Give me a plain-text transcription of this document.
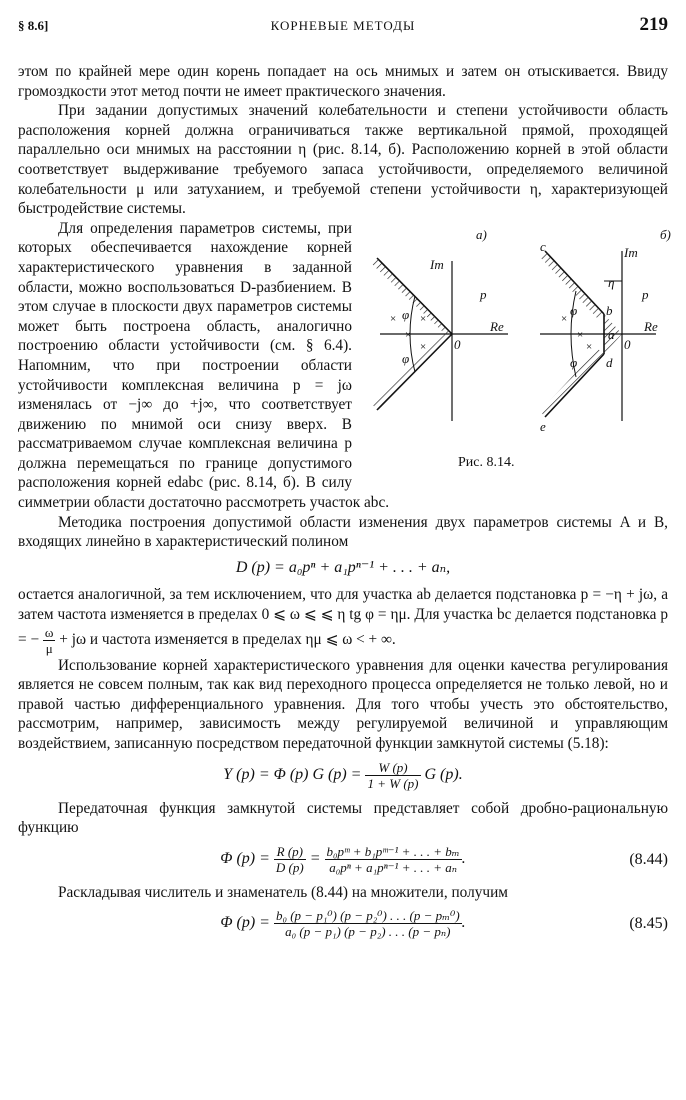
§ 8.6]	КОРНЕВЫЕ МЕТОДЫ	219

этом по крайней мере один корень попадает на ось мнимых и затем он отыскивается. Ввиду громоздкости этот метод почти не имеет практического значения.

При задании допустимых значений колебательности и степени устойчивости область расположения корней должна ограничиваться также вертикальной прямой, проходящей параллельно оси мнимых на расстоянии η (рис. 8.14, б). Расположению корней в этой области соответствует выдерживание требуемого запаса устойчивости, определяемого величиной колебательности μ или затуханием, и требуемой степени устойчивости η, характеризующей быстродействие системы.

×
×
×
×
×
×
×
а)	б)
Im
Im
Re	Re
p	p
φ
φ
φ
φ
η
0	0
a
b
c
d
e
Рис. 8.14.

Для определения параметров системы, при которых обеспечивается нахождение корней характеристического уравнения в заданной области, можно воспользоваться D-разбиением. В этом случае в плоскости двух параметров системы может быть построена область, аналогично построению области устойчивости (см. § 6.4). Напомним, что при построении области устойчивости комплексная величина p = jω изменялась от −j∞ до +j∞, что соответствует движению по мнимой оси снизу вверх. В рассматриваемом случае комплексная величина p должна перемещаться по границе допустимого расположения корней edabc (рис. 8.14, б). В силу симметрии области достаточно рассмотреть участок abc.

Методика построения допустимой области изменения двух параметров системы A и B, входящих линейно в характеристический полином

D (p) = a₀pⁿ + a₁pⁿ⁻¹ + . . . + aₙ,

остается аналогичной, за тем исключением, что для участка ab делается подстановка p = −η + jω, а затем частота изменяется в пределах 0 ⩽ ω ⩽ ⩽ η tg φ = ημ. Для участка bc делается подстановка p = − $\frac{\omega}{\mu} + j\omega$ и частота изменяется в пределах ημ ⩽ ω < + ∞.

Использование корней характеристического уравнения для оценки качества регулирования является не совсем полным, так как вид переходного процесса определяется не только левой, но и правой частью дифференциального уравнения. Для того чтобы учесть это обстоятельство, рассмотрим, например, зависимость между регулируемой величиной и управляющим воздействием, записанную посредством передаточной функции замкнутой системы (5.18):

Y (p) = Φ (p) G $(p) = \frac{W (p)}{1 + W (p)}$ G (p).

Передаточная функция замкнутой системы представляет собой дробно-рациональную функцию

Φ $(p) = \frac{R (p)}{D (p)} = \frac{\text{b₀pᵐ + b₁pᵐ⁻¹ + . . . + bₘ}}{\text{a₀pⁿ + a₁pⁿ⁻¹ + . . . + aₙ}}$ .	(8.44)

Раскладывая числитель и знаменатель (8.44) на множители, получим

Φ $(p) = \frac{\text{b₀ (p − p₁⁰) (p − p₂⁰) . . . (p − pₘ⁰)}}{\text{a₀ (p − p₁) (p − p₂) . . . (p − pₙ)}}$ .	(8.45)
